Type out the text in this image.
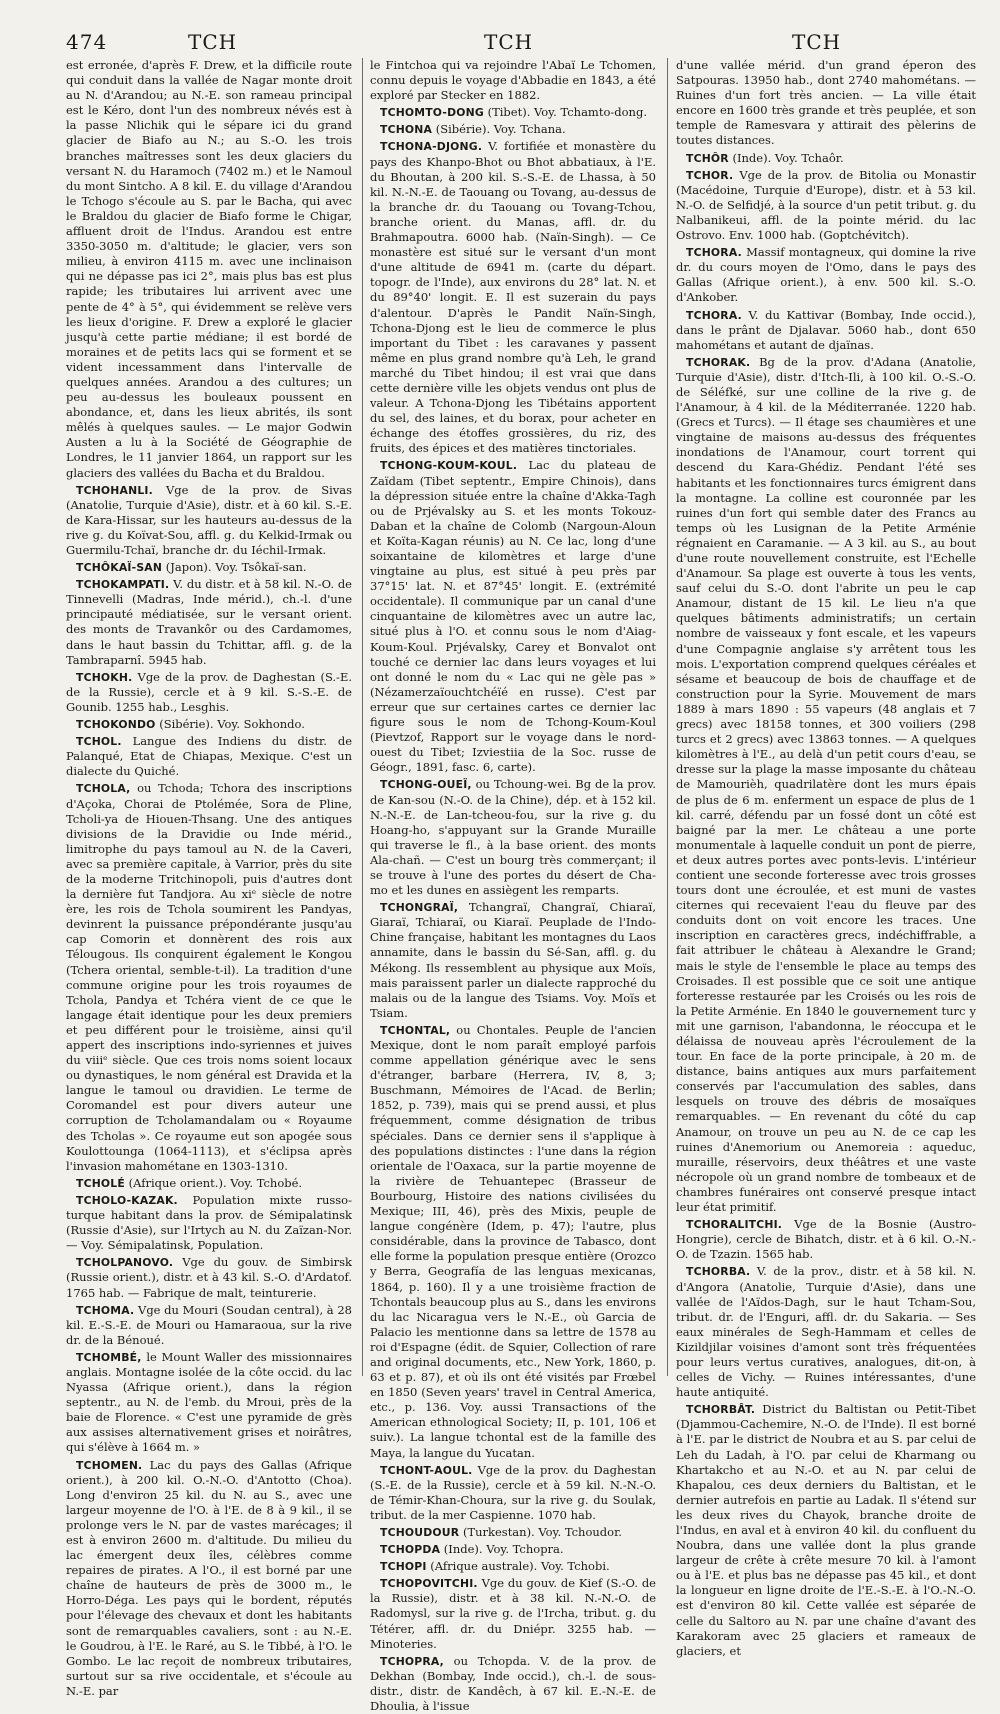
474	TCH	TCH	TCH

est erronée, d'après F. Drew, et la difficile route qui conduit dans la vallée de Nagar monte droit au N. d'Arandou; au N.-E. son rameau principal est le Kéro, dont l'un des nombreux névés est à la passe Nlichik qui le sépare ici du grand glacier de Biafo au N.; au S.-O. les trois branches maîtresses sont les deux glaciers du versant N. du Haramoch (7402 m.) et le Namoul du mont Sintcho. A 8 kil. E. du village d'Arandou le Tchogo s'écoule au S. par le Bacha, qui avec le Braldou du glacier de Biafo forme le Chigar, affluent droit de l'Indus. Arandou est entre 3350-3050 m. d'altitude; le glacier, vers son milieu, à environ 4115 m. avec une inclinaison qui ne dépasse pas ici 2°, mais plus bas est plus rapide; les tributaires lui arrivent avec une pente de 4° à 5°, qui évidemment se relève vers les lieux d'origine. F. Drew a exploré le glacier jusqu'à cette partie médiane; il est bordé de moraines et de petits lacs qui se forment et se vident incessamment dans l'intervalle de quelques années. Arandou a des cultures; un peu au-dessus les bouleaux poussent en abondance, et, dans les lieux abrités, ils sont mêlés à quelques saules. — Le major Godwin Austen a lu à la Société de Géographie de Londres, le 11 janvier 1864, un rapport sur les glaciers des vallées du Bacha et du Braldou.

TCHOHANLI. Vge de la prov. de Sivas (Anatolie, Turquie d'Asie), distr. et à 60 kil. S.-E. de Kara-Hissar, sur les hauteurs au-dessus de la rive g. du Koïvat-Sou, affl. g. du Kelkid-Irmak ou Guermilu-Tchaï, branche dr. du Iéchil-Irmak.

TCHÔKAÏ-SAN (Japon). Voy. Tsôkaï-san.

TCHOKAMPATI. V. du distr. et à 58 kil. N.-O. de Tinnevelli (Madras, Inde mérid.), ch.-l. d'une principauté médiatisée, sur le versant orient. des monts de Travankôr ou des Cardamomes, dans le haut bassin du Tchittar, affl. g. de la Tambraparnî. 5945 hab.

TCHOKH. Vge de la prov. de Daghestan (S.-E. de la Russie), cercle et à 9 kil. S.-S.-E. de Gounib. 1255 hab., Lesghis.

TCHOKONDO (Sibérie). Voy. Sokhondo.

TCHOL. Langue des Indiens du distr. de Palanqué, Etat de Chiapas, Mexique. C'est un dialecte du Quiché.

TCHOLA, ou Tchoda; Tchora des inscriptions d'Açoka, Chorai de Ptolémée, Sora de Pline, Tcholi-ya de Hiouen-Thsang. Une des antiques divisions de la Dravidie ou Inde mérid., limitrophe du pays tamoul au N. de la Caveri, avec sa première capitale, à Varrior, près du site de la moderne Tritchinopoli, puis d'autres dont la dernière fut Tandjora. Au xiᵉ siècle de notre ère, les rois de Tchola soumirent les Pandyas, devinrent la puissance prépondérante jusqu'au cap Comorin et donnèrent des rois aux Télougous. Ils conquirent également le Kongou (Tchera oriental, semble-t-il). La tradition d'une commune origine pour les trois royaumes de Tchola, Pandya et Tchéra vient de ce que le langage était identique pour les deux premiers et peu différent pour le troisième, ainsi qu'il appert des inscriptions indo-syriennes et juives du viiiᵉ siècle. Que ces trois noms soient locaux ou dynastiques, le nom général est Dravida et la langue le tamoul ou dravidien. Le terme de Coromandel est pour divers auteur une corruption de Tcholamandalam ou « Royaume des Tcholas ». Ce royaume eut son apogée sous Koulottounga (1064-1113), et s'éclipsa après l'invasion mahométane en 1303-1310.

TCHOLÉ (Afrique orient.). Voy. Tchobé.

TCHOLO-KAZAK. Population mixte russo-turque habitant dans la prov. de Sémipalatinsk (Russie d'Asie), sur l'Irtych au N. du Zaïzan-Nor. — Voy. Sémipalatinsk, Population.

TCHOLPANOVO. Vge du gouv. de Simbirsk (Russie orient.), distr. et à 43 kil. S.-O. d'Ardatof. 1765 hab. — Fabrique de malt, teinturerie.

TCHOMA. Vge du Mouri (Soudan central), à 28 kil. E.-S.-E. de Mouri ou Hamaraoua, sur la rive dr. de la Bénoué.

TCHOMBÉ, le Mount Waller des missionnaires anglais. Montagne isolée de la côte occid. du lac Nyassa (Afrique orient.), dans la région septentr., au N. de l'emb. du Mroui, près de la baie de Florence. « C'est une pyramide de grès aux assises alternativement grises et noirâtres, qui s'élève à 1664 m. »

TCHOMEN. Lac du pays des Gallas (Afrique orient.), à 200 kil. O.-N.-O. d'Antotto (Choa). Long d'environ 25 kil. du N. au S., avec une largeur moyenne de l'O. à l'E. de 8 à 9 kil., il se prolonge vers le N. par de vastes marécages; il est à environ 2600 m. d'altitude. Du milieu du lac émergent deux îles, célèbres comme repaires de pirates. A l'O., il est borné par une chaîne de hauteurs de près de 3000 m., le Horro-Déga. Les pays qui le bordent, réputés pour l'élevage des chevaux et dont les habitants sont de remarquables cavaliers, sont : au N.-E. le Goudrou, à l'E. le Raré, au S. le Tibbé, à l'O. le Gombo. Le lac reçoit de nombreux tributaires, surtout sur sa rive occidentale, et s'écoule au N.-E. par

le Fintchoa qui va rejoindre l'Abaï Le Tchomen, connu depuis le voyage d'Abbadie en 1843, a été exploré par Stecker en 1882.

TCHOMTO-DONG (Tibet). Voy. Tchamto-dong.

TCHONA (Sibérie). Voy. Tchana.

TCHONA-DJONG. V. fortifiée et monastère du pays des Khanpo-Bhot ou Bhot abbatiaux, à l'E. du Bhoutan, à 200 kil. S.-S.-E. de Lhassa, à 50 kil. N.-N.-E. de Taouang ou Tovang, au-dessus de la branche dr. du Taouang ou Tovang-Tchou, branche orient. du Manas, affl. dr. du Brahmapoutra. 6000 hab. (Naïn-Singh). — Ce monastère est situé sur le versant d'un mont d'une altitude de 6941 m. (carte du départ. topogr. de l'Inde), aux environs du 28° lat. N. et du 89°40' longit. E. Il est suzerain du pays d'alentour. D'après le Pandit Naïn-Singh, Tchona-Djong est le lieu de commerce le plus important du Tibet : les caravanes y passent même en plus grand nombre qu'à Leh, le grand marché du Tibet hindou; il est vrai que dans cette dernière ville les objets vendus ont plus de valeur. A Tchona-Djong les Tibétains apportent du sel, des laines, et du borax, pour acheter en échange des étoffes grossières, du riz, des fruits, des épices et des matières tinctoriales.

TCHONG-KOUM-KOUL. Lac du plateau de Zaïdam (Tibet septentr., Empire Chinois), dans la dépression située entre la chaîne d'Akka-Tagh ou de Prjévalsky au S. et les monts Tokouz-Daban et la chaîne de Colomb (Nargoun-Aloun et Koïta-Kagan réunis) au N. Ce lac, long d'une soixantaine de kilomètres et large d'une vingtaine au plus, est situé à peu près par 37°15' lat. N. et 87°45' longit. E. (extrémité occidentale). Il communique par un canal d'une cinquantaine de kilomètres avec un autre lac, situé plus à l'O. et connu sous le nom d'Aiag-Koum-Koul. Prjévalsky, Carey et Bonvalot ont touché ce dernier lac dans leurs voyages et lui ont donné le nom du « Lac qui ne gèle pas » (Nézamerzaïouchtchéïé en russe). C'est par erreur que sur certaines cartes ce dernier lac figure sous le nom de Tchong-Koum-Koul (Pievtzof, Rapport sur le voyage dans le nord-ouest du Tibet; Izviestiia de la Soc. russe de Géogr., 1891, fasc. 6, carte).

TCHONG-OUEÏ, ou Tchoung-wei. Bg de la prov. de Kan-sou (N.-O. de la Chine), dép. et à 152 kil. N.-N.-E. de Lan-tcheou-fou, sur la rive g. du Hoang-ho, s'appuyant sur la Grande Muraille qui traverse le fl., à la base orient. des monts Ala-chañ. — C'est un bourg très commerçant; il se trouve à l'une des portes du désert de Cha-mo et les dunes en assiègent les remparts.

TCHONGRAÏ, Tchangraï, Changraï, Chiaraï, Giaraï, Tchiaraï, ou Kiaraï. Peuplade de l'Indo-Chine française, habitant les montagnes du Laos annamite, dans le bassin du Sé-San, affl. g. du Mékong. Ils ressemblent au physique aux Moïs, mais paraissent parler un dialecte rapproché du malais ou de la langue des Tsiams. Voy. Moïs et Tsiam.

TCHONTAL, ou Chontales. Peuple de l'ancien Mexique, dont le nom paraît employé parfois comme appellation générique avec le sens d'étranger, barbare (Herrera, IV, 8, 3; Buschmann, Mémoires de l'Acad. de Berlin; 1852, p. 739), mais qui se prend aussi, et plus fréquemment, comme désignation de tribus spéciales. Dans ce dernier sens il s'applique à des populations distinctes : l'une dans la région orientale de l'Oaxaca, sur la partie moyenne de la rivière de Tehuantepec (Brasseur de Bourbourg, Histoire des nations civilisées du Mexique; III, 46), près des Mixis, peuple de langue congénère (Idem, p. 47); l'autre, plus considérable, dans la province de Tabasco, dont elle forme la population presque entière (Orozco y Berra, Geografía de las lenguas mexicanas, 1864, p. 160). Il y a une troisième fraction de Tchontals beaucoup plus au S., dans les environs du lac Nicaragua vers le N.-E., où Garcia de Palacio les mentionne dans sa lettre de 1578 au roi d'Espagne (édit. de Squier, Collection of rare and original documents, etc., New York, 1860, p. 63 et p. 87), et où ils ont été visités par Frœbel en 1850 (Seven years' travel in Central America, etc., p. 136. Voy. aussi Transactions of the American ethnological Society; II, p. 101, 106 et suiv.). La langue tchontal est de la famille des Maya, la langue du Yucatan.

TCHONT-AOUL. Vge de la prov. du Daghestan (S.-E. de la Russie), cercle et à 59 kil. N.-N.-O. de Témir-Khan-Choura, sur la rive g. du Soulak, tribut. de la mer Caspienne. 1070 hab.

TCHOUDOUR (Turkestan). Voy. Tchoudor.

TCHOPDA (Inde). Voy. Tchopra.

TCHOPI (Afrique australe). Voy. Tchobi.

TCHOPOVITCHI. Vge du gouv. de Kief (S.-O. de la Russie), distr. et à 38 kil. N.-N.-O. de Radomysl, sur la rive g. de l'Ircha, tribut. g. du Tétérer, affl. dr. du Dniépr. 3255 hab. — Minoteries.

TCHOPRA, ou Tchopda. V. de la prov. de Dekhan (Bombay, Inde occid.), ch.-l. de sous-distr., distr. de Kandêch, à 67 kil. E.-N.-E. de Dhoulia, à l'issue

d'une vallée mérid. d'un grand éperon des Satpouras. 13950 hab., dont 2740 mahométans. — Ruines d'un fort très ancien. — La ville était encore en 1600 très grande et très peuplée, et son temple de Ramesvara y attirait des pèlerins de toutes distances.

TCHÔR (Inde). Voy. Tchaôr.

TCHOR. Vge de la prov. de Bitolia ou Monastir (Macédoine, Turquie d'Europe), distr. et à 53 kil. N.-O. de Selfidjé, à la source d'un petit tribut. g. du Nalbanikeui, affl. de la pointe mérid. du lac Ostrovo. Env. 1000 hab. (Goptchévitch).

TCHORA. Massif montagneux, qui domine la rive dr. du cours moyen de l'Omo, dans le pays des Gallas (Afrique orient.), à env. 500 kil. S.-O. d'Ankober.

TCHORA. V. du Kattivar (Bombay, Inde occid.), dans le prânt de Djalavar. 5060 hab., dont 650 mahométans et autant de djaïnas.

TCHORAK. Bg de la prov. d'Adana (Anatolie, Turquie d'Asie), distr. d'Itch-Ili, à 100 kil. O.-S.-O. de Séléfké, sur une colline de la rive g. de l'Anamour, à 4 kil. de la Méditerranée. 1220 hab. (Grecs et Turcs). — Il étage ses chaumières et une vingtaine de maisons au-dessus des fréquentes inondations de l'Anamour, court torrent qui descend du Kara-Ghédiz. Pendant l'été ses habitants et les fonctionnaires turcs émigrent dans la montagne. La colline est couronnée par les ruines d'un fort qui semble dater des Francs au temps où les Lusignan de la Petite Arménie régnaient en Caramanie. — A 3 kil. au S., au bout d'une route nouvellement construite, est l'Echelle d'Anamour. Sa plage est ouverte à tous les vents, sauf celui du S.-O. dont l'abrite un peu le cap Anamour, distant de 15 kil. Le lieu n'a que quelques bâtiments administratifs; un certain nombre de vaisseaux y font escale, et les vapeurs d'une Compagnie anglaise s'y arrêtent tous les mois. L'exportation comprend quelques céréales et sésame et beaucoup de bois de chauffage et de construction pour la Syrie. Mouvement de mars 1889 à mars 1890 : 55 vapeurs (48 anglais et 7 grecs) avec 18158 tonnes, et 300 voiliers (298 turcs et 2 grecs) avec 13863 tonnes. — A quelques kilomètres à l'E., au delà d'un petit cours d'eau, se dresse sur la plage la masse imposante du château de Mamourièh, quadrilatère dont les murs épais de plus de 6 m. enferment un espace de plus de 1 kil. carré, défendu par un fossé dont un côté est baigné par la mer. Le château a une porte monumentale à laquelle conduit un pont de pierre, et deux autres portes avec ponts-levis. L'intérieur contient une seconde forteresse avec trois grosses tours dont une écroulée, et est muni de vastes citernes qui recevaient l'eau du fleuve par des conduits dont on voit encore les traces. Une inscription en caractères grecs, indéchiffrable, a fait attribuer le château à Alexandre le Grand; mais le style de l'ensemble le place au temps des Croisades. Il est possible que ce soit une antique forteresse restaurée par les Croisés ou les rois de la Petite Arménie. En 1840 le gouvernement turc y mit une garnison, l'abandonna, le réoccupa et le délaissa de nouveau après l'écroulement de la tour. En face de la porte principale, à 20 m. de distance, bains antiques aux murs parfaitement conservés par l'accumulation des sables, dans lesquels on trouve des débris de mosaïques remarquables. — En revenant du côté du cap Anamour, on trouve un peu au N. de ce cap les ruines d'Anemorium ou Anemoreia : aqueduc, muraille, réservoirs, deux théâtres et une vaste nécropole où un grand nombre de tombeaux et de chambres funéraires ont conservé presque intact leur état primitif.

TCHORALITCHI. Vge de la Bosnie (Austro-Hongrie), cercle de Bihatch, distr. et à 6 kil. O.-N.-O. de Tzazin. 1565 hab.

TCHORBA. V. de la prov., distr. et à 58 kil. N. d'Angora (Anatolie, Turquie d'Asie), dans une vallée de l'Aïdos-Dagh, sur le haut Tcham-Sou, tribut. dr. de l'Enguri, affl. dr. du Sakaria. — Ses eaux minérales de Segh-Hammam et celles de Kizildjilar voisines d'amont sont très fréquentées pour leurs vertus curatives, analogues, dit-on, à celles de Vichy. — Ruines intéressantes, d'une haute antiquité.

TCHORBÂT. District du Baltistan ou Petit-Tibet (Djammou-Cachemire, N.-O. de l'Inde). Il est borné à l'E. par le district de Noubra et au S. par celui de Leh du Ladah, à l'O. par celui de Kharmang ou Khartakcho et au N.-O. et au N. par celui de Khapalou, ces deux derniers du Baltistan, et le dernier autrefois en partie au Ladak. Il s'étend sur les deux rives du Chayok, branche droite de l'Indus, en aval et à environ 40 kil. du confluent du Noubra, dans une vallée dont la plus grande largeur de crête à crête mesure 70 kil. à l'amont ou à l'E. et plus bas ne dépasse pas 45 kil., et dont la longueur en ligne droite de l'E.-S.-E. à l'O.-N.-O. est d'environ 80 kil. Cette vallée est séparée de celle du Saltoro au N. par une chaîne d'avant des Karakoram avec 25 glaciers et rameaux de glaciers, et
